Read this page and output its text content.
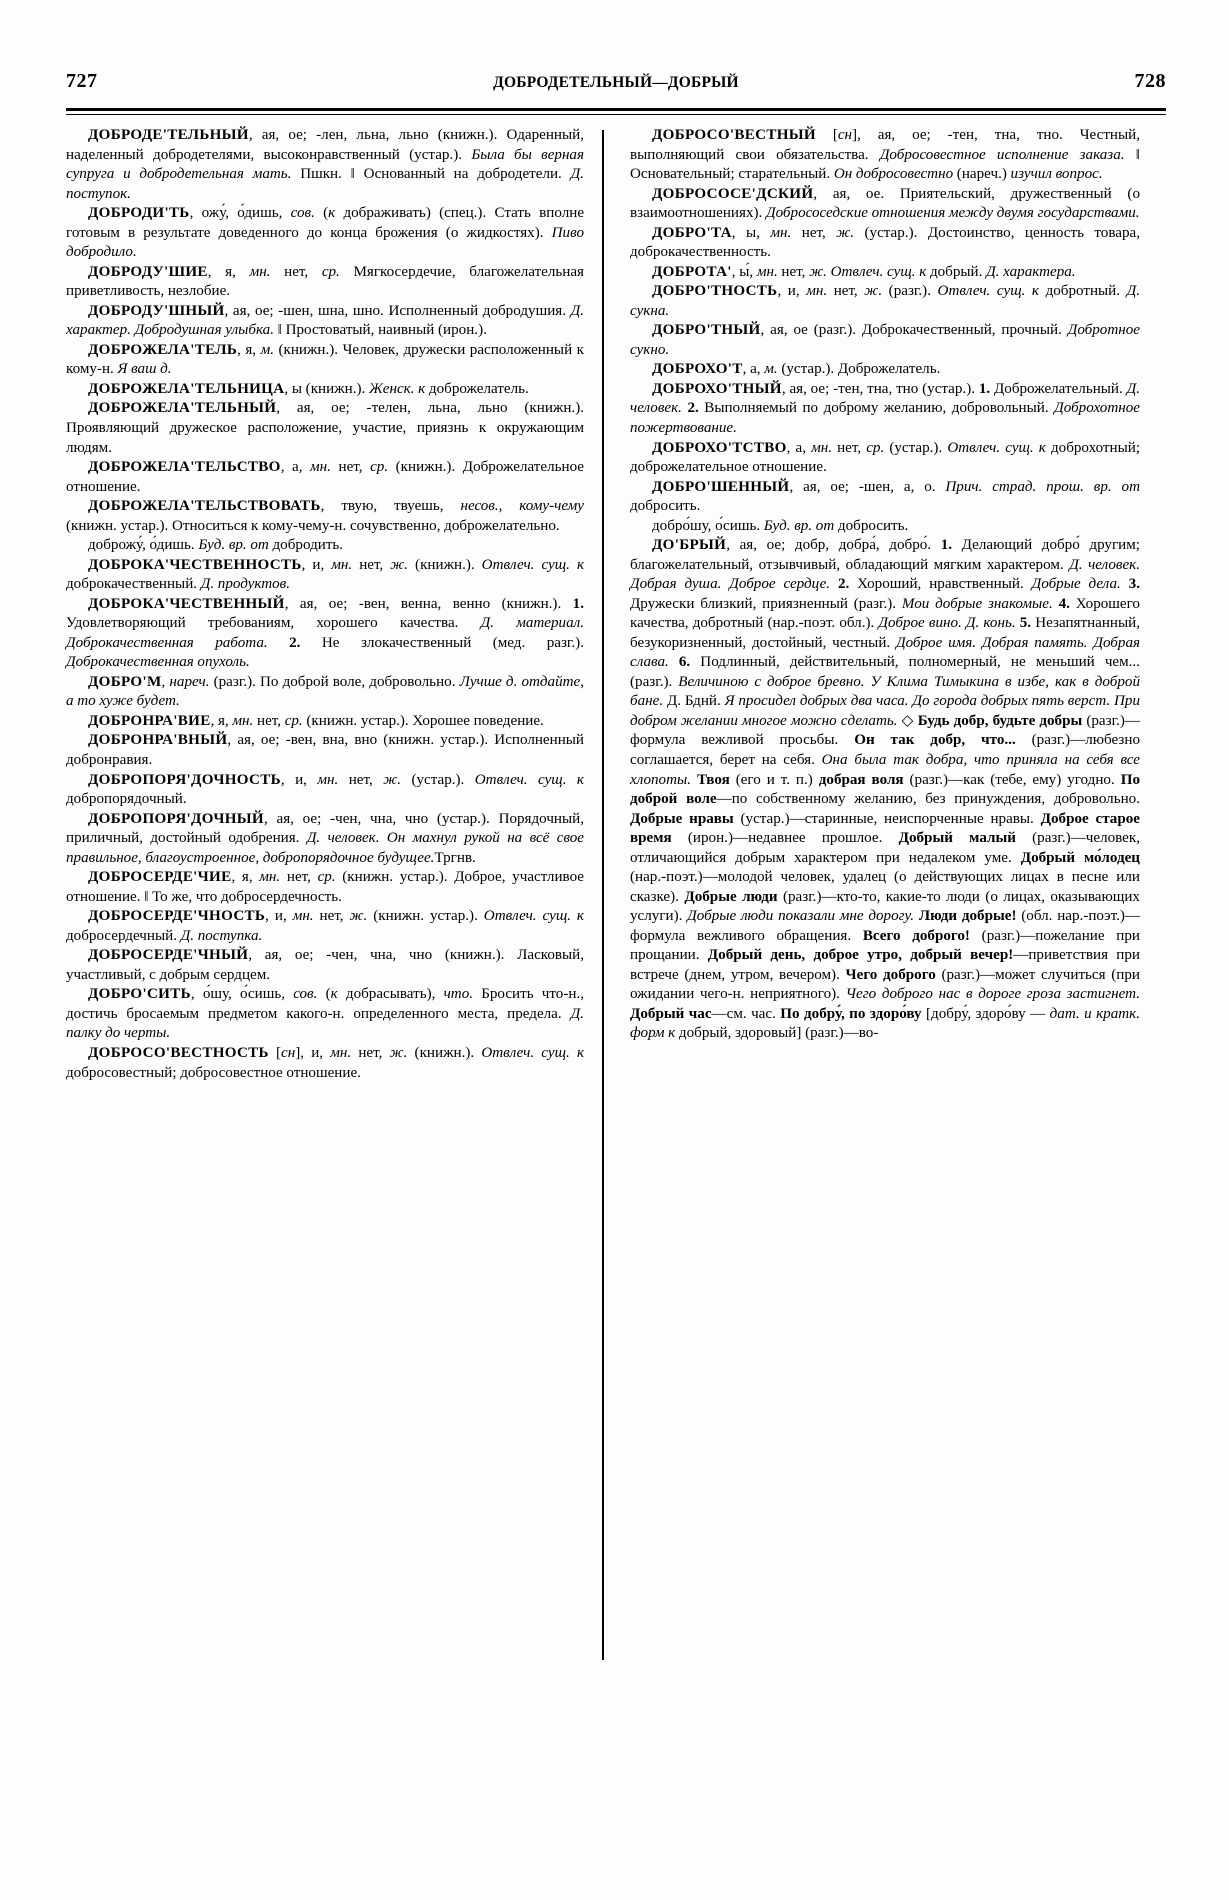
727	ДОБРОДЕТЕЛЬНЫЙ—ДОБРЫЙ	728

ДОБРОДЕ'ТЕЛЬНЫЙ, ая, ое; -лен, льна, льно (книжн.). Одаренный, наделенный добродетелями, высоконравственный (устар.). Была бы верная супруга и добродетельная мать. Пшкн. ‖ Основанный на добродетели. Д. поступок.

ДОБРОДИ'ТЬ, ожу́, о́дишь, сов. (к дображивать) (спец.). Стать вполне готовым в результате доведенного до конца брожения (о жидкостях). Пиво добродило.

ДОБРОДУ'ШИЕ, я, мн. нет, ср. Мягкосердечие, благожелательная приветливость, незлобие.

ДОБРОДУ'ШНЫЙ, ая, ое; -шен, шна, шно. Исполненный добродушия. Д. характер. Добродушная улыбка. ‖ Простоватый, наивный (ирон.).

ДОБРОЖЕЛА'ТЕЛЬ, я, м. (книжн.). Человек, дружески расположенный к кому-н. Я ваш д.

ДОБРОЖЕЛА'ТЕЛЬНИЦА, ы (книжн.). Женск. к доброжелатель.

ДОБРОЖЕЛА'ТЕЛЬНЫЙ, ая, ое; -телен, льна, льно (книжн.). Проявляющий дружеское расположение, участие, приязнь к окружающим людям.

ДОБРОЖЕЛА'ТЕЛЬСТВО, а, мн. нет, ср. (книжн.). Доброжелательное отношение.

ДОБРОЖЕЛА'ТЕЛЬСТВОВАТЬ, твую, твуешь, несов., кому-чему (книжн. устар.). Относиться к кому-чему-н. сочувственно, доброжелательно.

доброжу́, о́дишь. Буд. вр. от добродить.

ДОБРОКА'ЧЕСТВЕННОСТЬ, и, мн. нет, ж. (книжн.). Отвлеч. сущ. к доброкачественный. Д. продуктов.

ДОБРОКА'ЧЕСТВЕННЫЙ, ая, ое; -вен, венна, венно (книжн.). 1. Удовлетворяющий требованиям, хорошего качества. Д. материал. Доброкачественная работа. 2. Не злокачественный (мед. разг.). Доброкачественная опухоль.

ДОБРО'М, нареч. (разг.). По доброй воле, добровольно. Лучше д. отдайте, а то хуже будет.

ДОБРОНРА'ВИЕ, я, мн. нет, ср. (книжн. устар.). Хорошее поведение.

ДОБРОНРА'ВНЫЙ, ая, ое; -вен, вна, вно (книжн. устар.). Исполненный добронравия.

ДОБРОПОРЯ'ДОЧНОСТЬ, и, мн. нет, ж. (устар.). Отвлеч. сущ. к добропорядочный.

ДОБРОПОРЯ'ДОЧНЫЙ, ая, ое; -чен, чна, чно (устар.). Порядочный, приличный, достойный одобрения. Д. человек. Он махнул рукой на всё свое правильное, благоустроенное, добропорядочное будущее.Тргнв.

ДОБРОСЕРДЕ'ЧИЕ, я, мн. нет, ср. (книжн. устар.). Доброе, участливое отношение. ‖ То же, что добросердечность.

ДОБРОСЕРДЕ'ЧНОСТЬ, и, мн. нет, ж. (книжн. устар.). Отвлеч. сущ. к добросердечный. Д. поступка.

ДОБРОСЕРДЕ'ЧНЫЙ, ая, ое; -чен, чна, чно (книжн.). Ласковый, участливый, с добрым сердцем.

ДОБРО'СИТЬ, о́шу, о́сишь, сов. (к добрасывать), что. Бросить что-н., достичь бросаемым предметом какого-н. определенного места, предела. Д. палку до черты.

ДОБРОСО'ВЕСТНОСТЬ [сн], и, мн. нет, ж. (книжн.). Отвлеч. сущ. к добросовестный; добросовестное отношение.

ДОБРОСО'ВЕСТНЫЙ [сн], ая, ое; -тен, тна, тно. Честный, выполняющий свои обязательства. Добросовестное исполнение заказа. ‖ Основательный; старательный. Он добросовестно (нареч.) изучил вопрос.

ДОБРОСОСЕ'ДСКИЙ, ая, ое. Приятельский, дружественный (о взаимоотношениях). Добрососедские отношения между двумя государствами.

ДОБРО'ТА, ы, мн. нет, ж. (устар.). Достоинство, ценность товара, доброкачественность.

ДОБРОТА', ы́, мн. нет, ж. Отвлеч. сущ. к добрый. Д. характера.

ДОБРО'ТНОСТЬ, и, мн. нет, ж. (разг.). Отвлеч. сущ. к добротный. Д. сукна.

ДОБРО'ТНЫЙ, ая, ое (разг.). Доброкачественный, прочный. Добротное сукно.

ДОБРОХО'Т, а, м. (устар.). Доброжелатель.

ДОБРОХО'ТНЫЙ, ая, ое; -тен, тна, тно (устар.). 1. Доброжелательный. Д. человек. 2. Выполняемый по доброму желанию, добровольный. Доброхотное пожертвование.

ДОБРОХО'ТСТВО, а, мн. нет, ср. (устар.). Отвлеч. сущ. к доброхотный; доброжелательное отношение.

ДОБРО'ШЕННЫЙ, ая, ое; -шен, а, о. Прич. страд. прош. вр. от добросить.

добро́шу, о́сишь. Буд. вр. от добросить.

ДО'БРЫЙ, ая, ое; добр, добра́, добро́. 1. Делающий добро́ другим; благожелательный, отзывчивый, обладающий мягким характером. Д. человек. Добрая душа. Доброе сердце. 2. Хороший, нравственный. Добрые дела. 3. Дружески близкий, приязненный (разг.). Мои добрые знакомые. 4. Хорошего качества, добротный (нар.-поэт. обл.). Доброе вино. Д. конь. 5. Незапятнанный, безукоризненный, достойный, честный. Доброе имя. Добрая память. Добрая слава. 6. Подлинный, действительный, полномерный, не меньший чем... (разг.). Величиною с доброе бревно. У Клима Тимыкина в избе, как в доброй бане. Д. Бднй. Я просидел добрых два часа. До города добрых пять верст. При добром желании многое можно сделать. ◇ Будь добр, будьте добры (разг.)—формула вежливой просьбы. Он так добр, что... (разг.)—любезно соглашается, берет на себя. Она была так добра, что приняла на себя все хлопоты. Твоя (его и т. п.) добрая воля (разг.)—как (тебе, ему) угодно. По доброй воле—по собственному желанию, без принуждения, добровольно. Добрые нравы (устар.)—старинные, неиспорченные нравы. Доброе старое время (ирон.)—недавнее прошлое. Добрый малый (разг.)—человек, отличающийся добрым характером при недалеком уме. Добрый мо́лодец (нар.-поэт.)—молодой человек, удалец (о действующих лицах в песне или сказке). Добрые люди (разг.)—кто-то, какие-то люди (о лицах, оказывающих услуги). Добрые люди показали мне дорогу. Люди добрые! (обл. нар.-поэт.)—формула вежливого обращения. Всего доброго! (разг.)—пожелание при прощании. Добрый день, доброе утро, добрый вечер!—приветствия при встрече (днем, утром, вечером). Чего доброго (разг.)—может случиться (при ожидании чего-н. неприятного). Чего доброго нас в дороге гроза застигнет. Добрый час—см. час. По добру́, по здоро́ву [добру́, здоро́ву — дат. и кратк. форм к добрый, здоровый] (разг.)—во-
